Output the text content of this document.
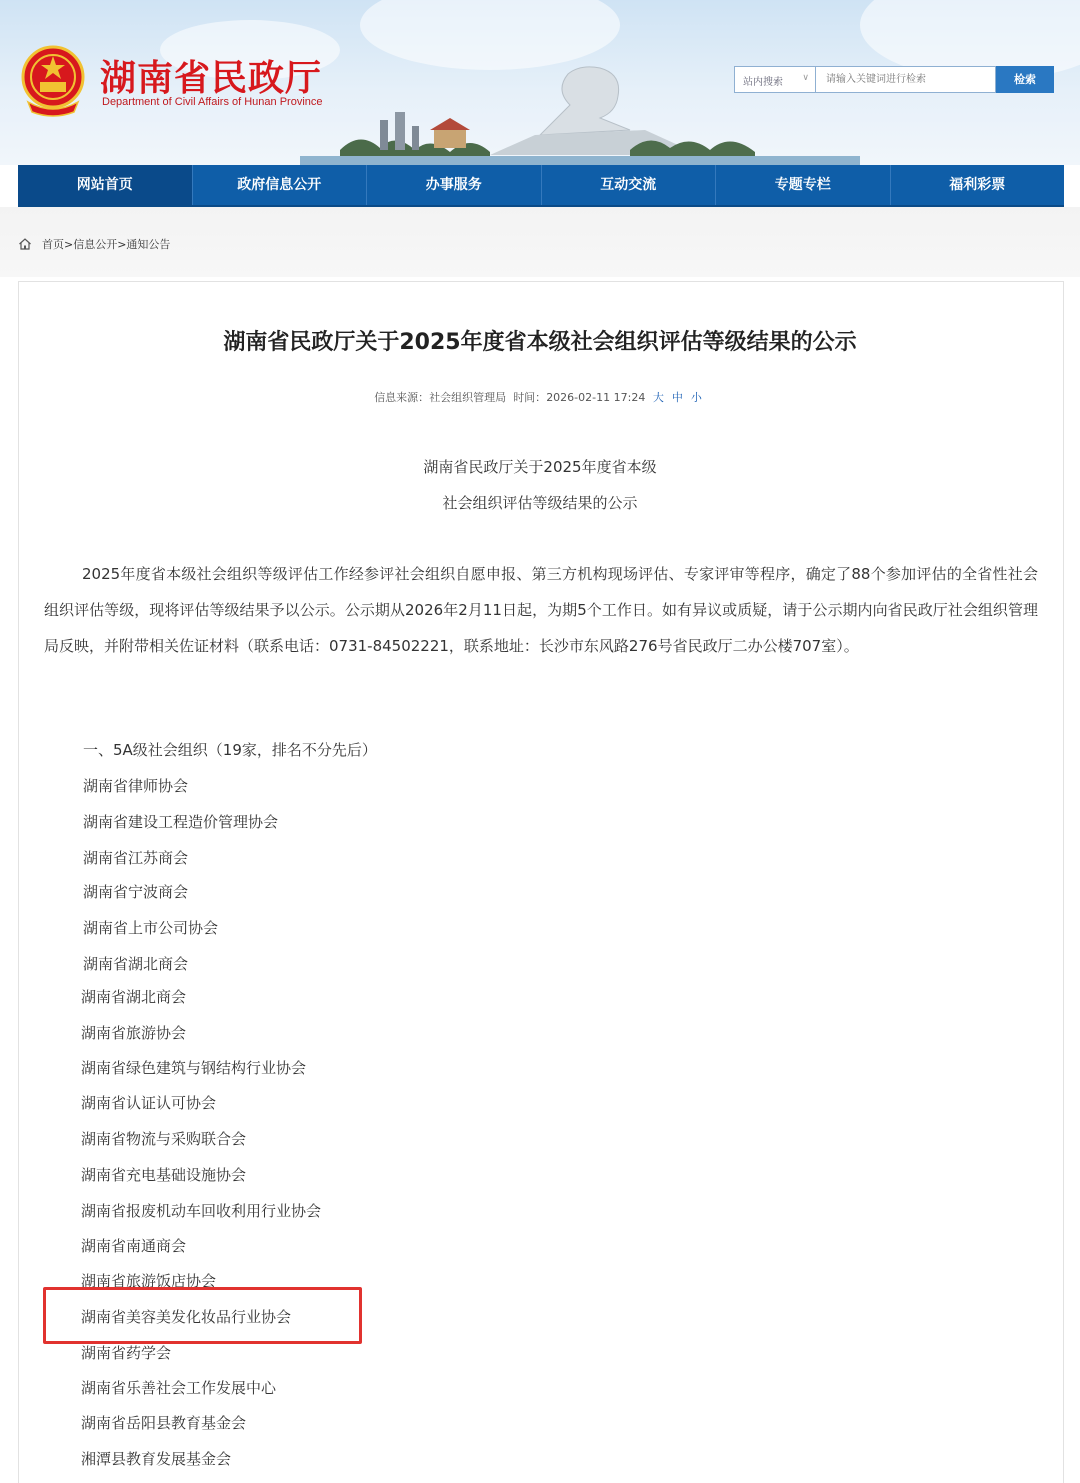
湖南省民政厅
Department of Civil Affairs of Hunan Province
站内搜索 ∨
请输入关键词进行检索	检索
网站首页	政府信息公开	办事服务	互动交流	专题专栏	福利彩票
首页>信息公开>通知公告
湖南省民政厅关于2025年度省本级社会组织评估等级结果的公示
信息来源：社会组织管理局 时间：2026-02-11 17:24 大 中 小
湖南省民政厅关于2025年度省本级
社会组织评估等级结果的公示

2025年度省本级社会组织等级评估工作经参评社会组织自愿申报、第三方机构现场评估、专家评审等程序，确定了88个参加评估的全省性社会组织评估等级，现将评估等级结果予以公示。公示期从2026年2月11日起，为期5个工作日。如有异议或质疑，请于公示期内向省民政厅社会组织管理局反映，并附带相关佐证材料（联系电话：0731-84502221，联系地址：长沙市东风路276号省民政厅二办公楼707室）。

一、5A级社会组织（19家，排名不分先后）
湖南省律师协会
湖南省建设工程造价管理协会
湖南省江苏商会
湖南省宁波商会
湖南省上市公司协会
湖南省湖北商会
湖南省湖北商会
湖南省旅游协会
湖南省绿色建筑与钢结构行业协会
湖南省认证认可协会
湖南省物流与采购联合会
湖南省充电基础设施协会
湖南省报废机动车回收利用行业协会
湖南省南通商会
湖南省旅游饭店协会
湖南省美容美发化妆品行业协会
湖南省药学会
湖南省乐善社会工作发展中心
湖南省岳阳县教育基金会
湘潭县教育发展基金会
